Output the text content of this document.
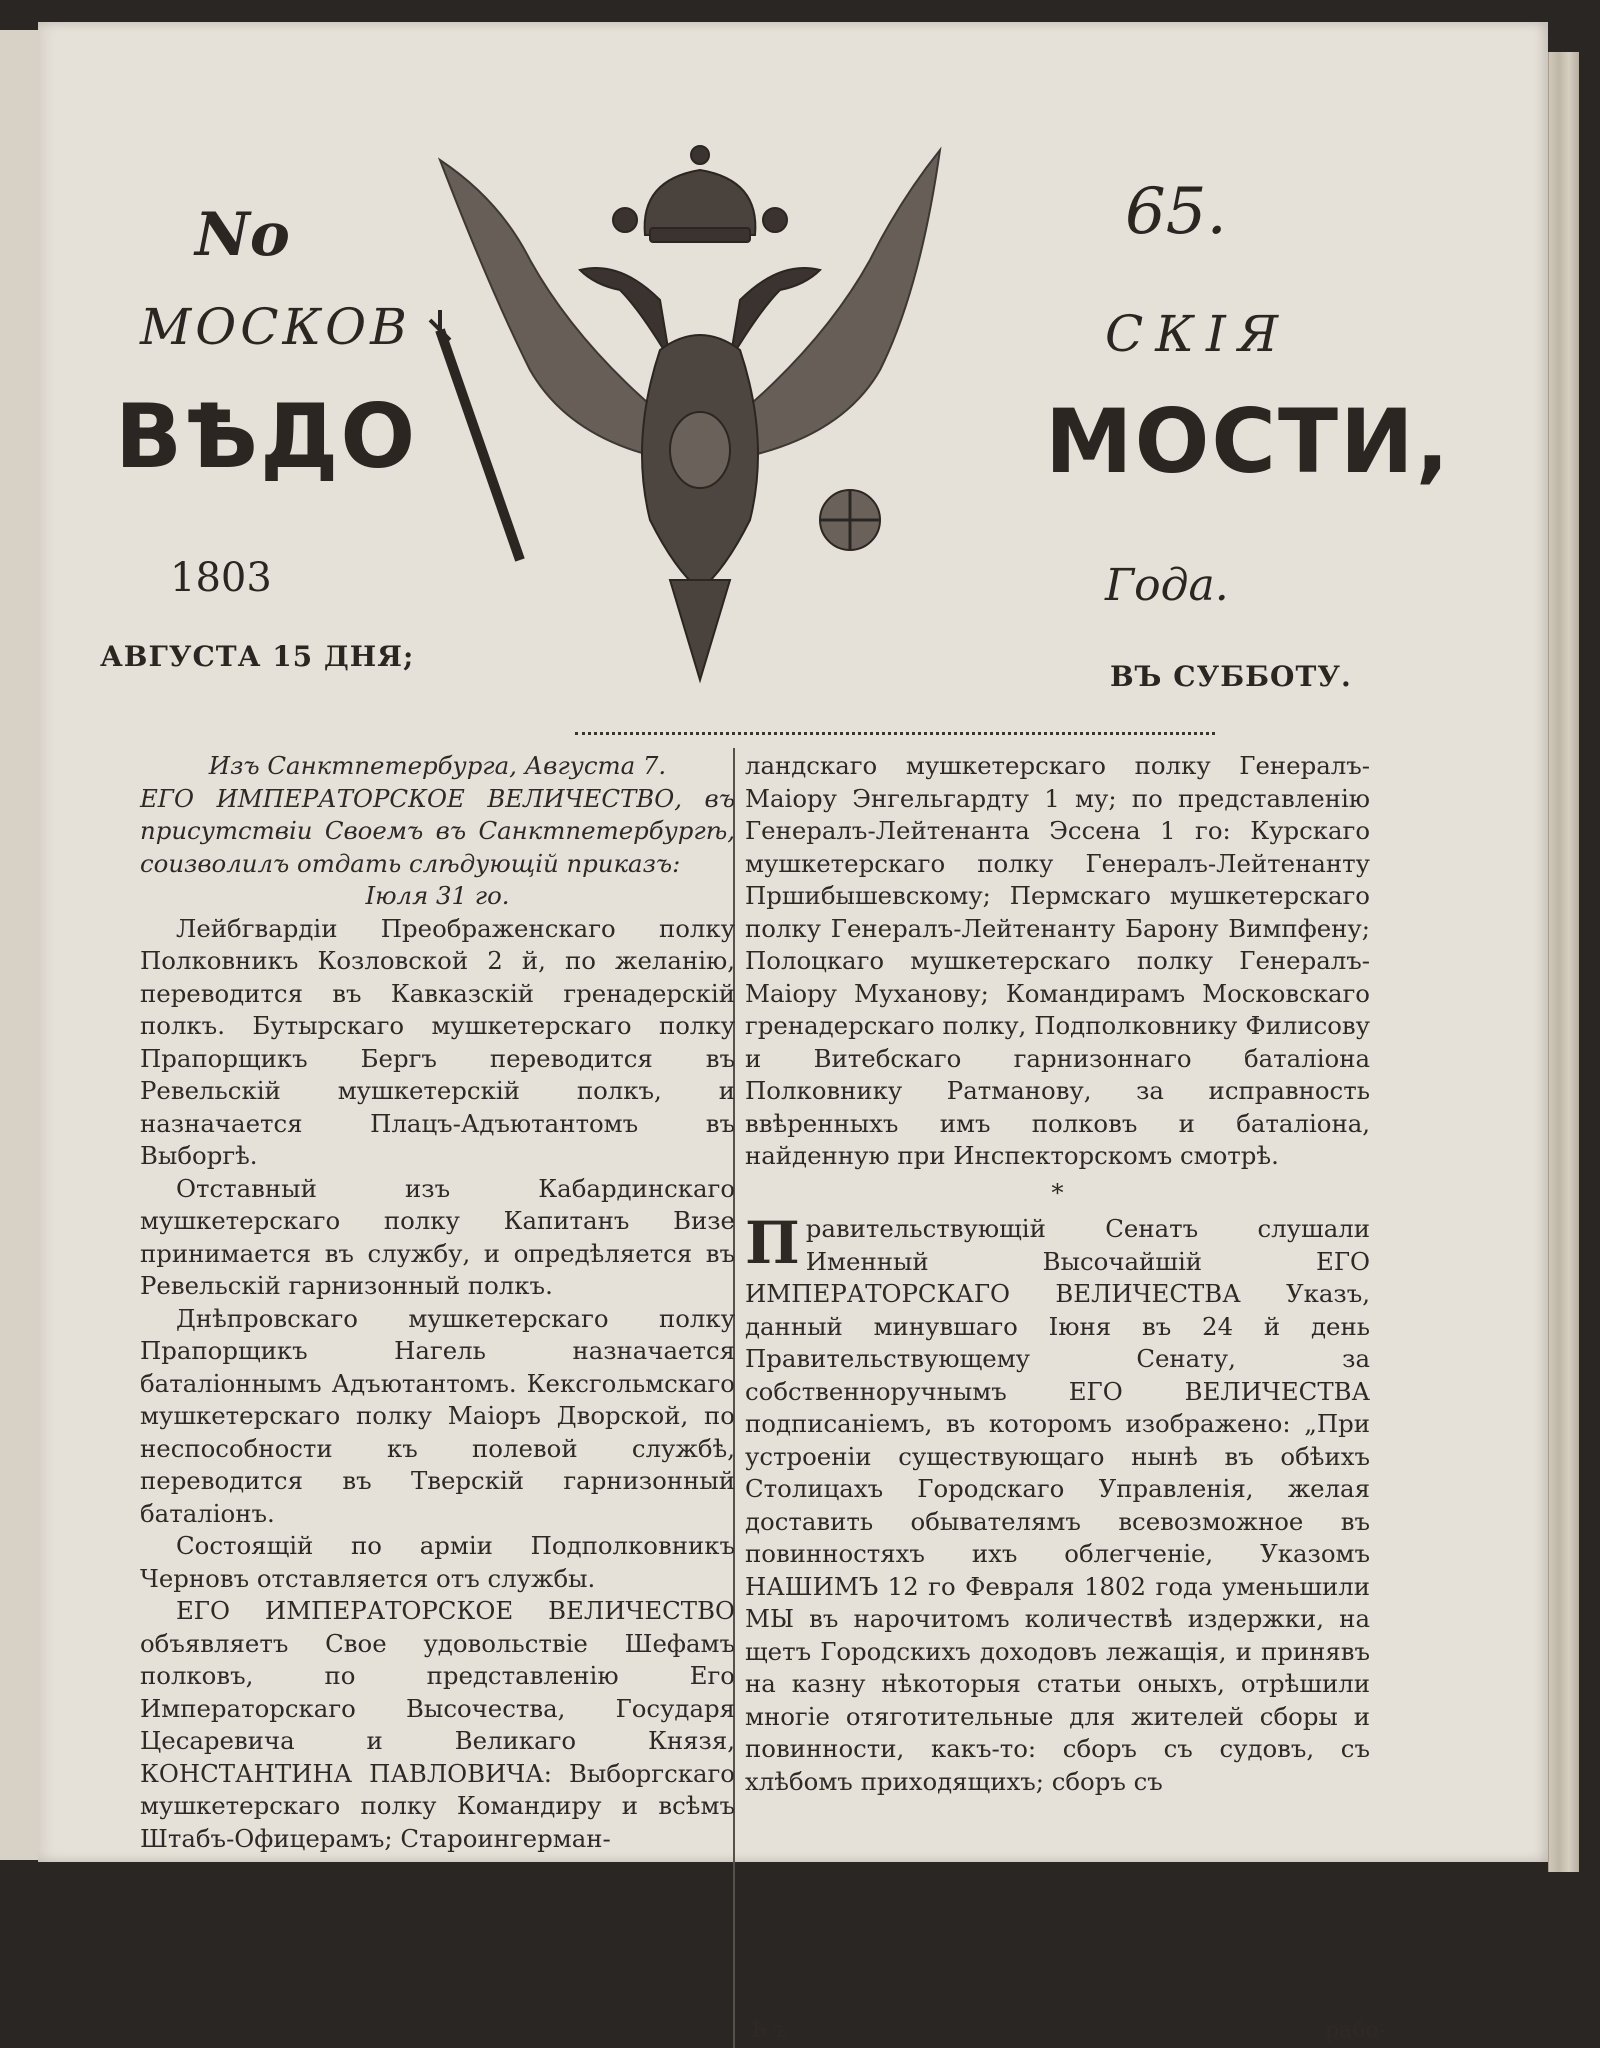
No	65.
МОСКОВ	СКІЯ
ВѢДО	МОСТИ,
1803	Года.
АВГУСТА 15 ДНЯ;
ВЪ СУББОТУ.

Изъ Санктпетербурга, Августа 7.

ЕГО ИМПЕРАТОРСКОЕ ВЕЛИЧЕСТВО, въ присутствіи Своемъ въ Санктпетербургѣ, соизволилъ отдать слѣдующій приказъ:

Іюля 31 го.

Лейбгвардіи Преображенскаго полку Полковникъ Козловской 2 й, по желанію, переводится въ Кавказскій гренадерскій полкъ. Бутырскаго мушкетерскаго полку Прапорщикъ Бергъ переводится въ Ревельскій мушкетерскій полкъ, и назначается Плацъ-Адъютантомъ въ Выборгѣ.

Отставный изъ Кабардинскаго мушкетерскаго полку Капитанъ Визе принимается въ службу, и опредѣляется въ Ревельскій гарнизонный полкъ.

Днѣпровскаго мушкетерскаго полку Прапорщикъ Нагель назначается баталіоннымъ Адъютантомъ. Кексгольмскаго мушкетерскаго полку Маіоръ Дворской, по неспособности къ полевой службѣ, переводится въ Тверскій гарнизонный баталіонъ.

Состоящій по арміи Подполковникъ Черновъ отставляется отъ службы.

ЕГО ИМПЕРАТОРСКОЕ ВЕЛИЧЕСТВО объявляетъ Свое удовольствіе Шефамъ полковъ, по представленію Его Императорскаго Высочества, Государя Цесаревича и Великаго Князя, КОНСТАНТИНА ПАВЛОВИЧА: Выборгскаго мушкетерскаго полку Командиру и всѣмъ Штабъ-Офицерамъ; Староингерман-

ландскаго мушкетерскаго полку Генералъ-Маіору Энгельгардту 1 му; по представленію Генералъ-Лейтенанта Эссена 1 го: Курскаго мушкетерскаго полку Генералъ-Лейтенанту Пршибышевскому; Пермскаго мушкетерскаго полку Генералъ-Лейтенанту Барону Вимпфену; Полоцкаго мушкетерскаго полку Генералъ-Маіору Муханову; Командирамъ Московскаго гренадерскаго полку, Подполковнику Филисову и Витебскаго гарнизоннаго баталіона Полковнику Ратманову, за исправность ввѣренныхъ имъ полковъ и баталіона, найденную при Инспекторскомъ смотрѣ.

*

Правительствующій Сенатъ слушали Именный Высочайшій ЕГО ИМПЕРАТОРСКАГО ВЕЛИЧЕСТВА Указъ, данный минувшаго Іюня въ 24 й день Правительствующему Сенату, за собственноручнымъ ЕГО ВЕЛИЧЕСТВА подписаніемъ, въ которомъ изображено: „При устроеніи существующаго нынѣ въ обѣихъ Столицахъ Городскаго Управленія, желая доставить обывателямъ всевозможное въ повинностяхъ ихъ облегченіе, Указомъ НАШИМЪ 12 го Февраля 1802 года уменьшили МЫ въ нарочитомъ количествѣ издержки, на щетъ Городскихъ доходовъ лежащія, и принявъ на казну нѣкоторыя статьи оныхъ, отрѣшили многіе отяготительные для жителей сборы и повинности, какъ-то: сборъ съ судовъ, съ хлѣбомъ приходящихъ; сборъ съ

Ѣ ъ	рабо-
